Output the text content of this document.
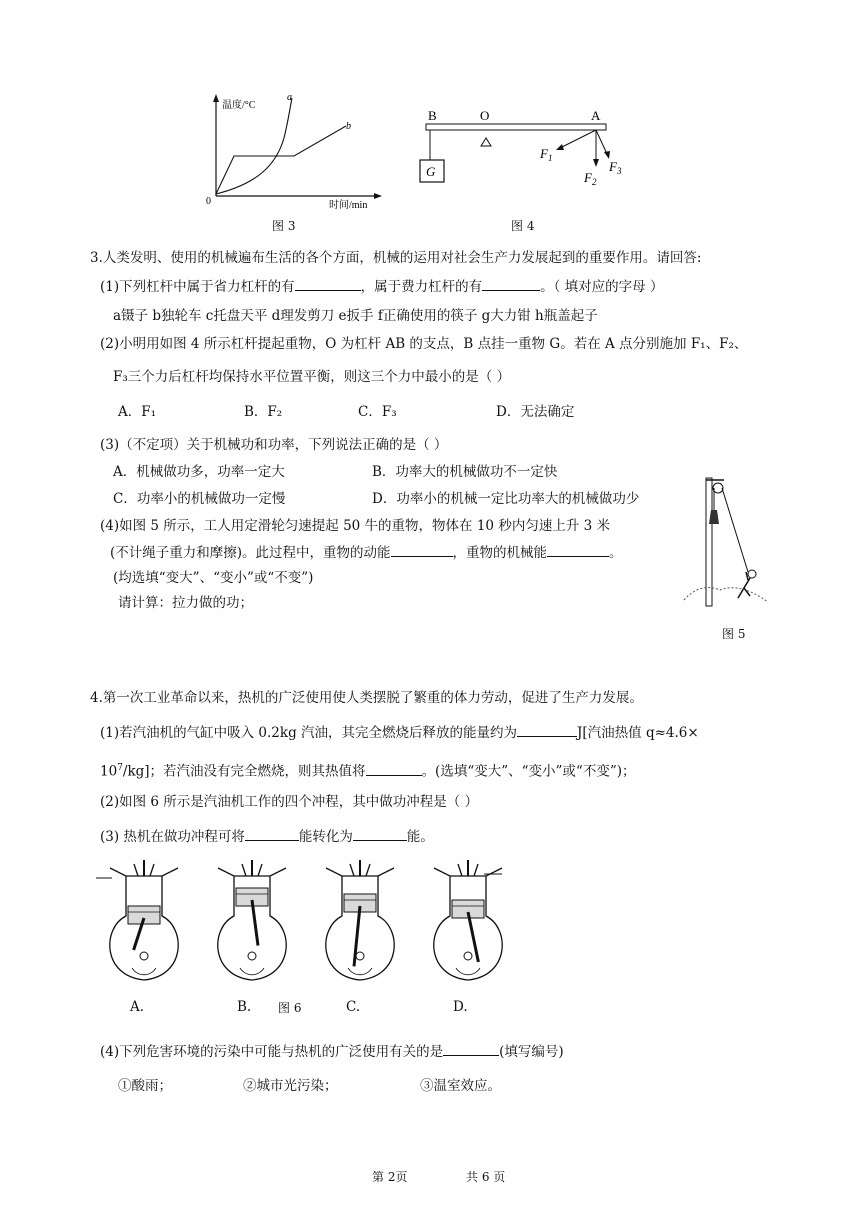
温度/°C
a
b
0	时间/min
图 3
B	O	A
G
$F_1$
$F_2$
$F_3$
图 4
3.人类发明、使用的机械遍布生活的各个方面，机械的运用对社会生产力发展起到的重要作用。请回答:
(1)下列杠杆中属于省力杠杆的有	，属于费力杠杆的有	。（ 填对应的字母 ）
a镊子 b独轮车 c托盘天平 d理发剪刀 e扳手 f正确使用的筷子 g大力钳 h瓶盖起子
(2)小明用如图 4 所示杠杆提起重物，O 为杠杆 AB 的支点，B 点挂一重物 G。若在 A 点分别施加 F₁、F₂、
F₃三个力后杠杆均保持水平位置平衡，则这三个力中最小的是（ ）
A．F₁	B．F₂	C．F₃	D．无法确定
(3)（不定项）关于机械功和功率，下列说法正确的是（ ）
A．机械做功多，功率一定大	B．功率大的机械做功不一定快
C．功率小的机械做功一定慢	D．功率小的机械一定比功率大的机械做功少
(4)如图 5 所示，工人用定滑轮匀速提起 50 牛的重物，物体在 10 秒内匀速上升 3 米
(不计绳子重力和摩擦)。此过程中，重物的动能	，重物的机械能	。
(均选填“变大”、“变小”或“不变”)
请计算：拉力做的功；
图 5
4.第一次工业革命以来，热机的广泛使用使人类摆脱了繁重的体力劳动，促进了生产力发展。
(1)若汽油机的气缸中吸入 0.2kg 汽油，其完全燃烧后释放的能量约为	J[汽油热值 q≈4.6×
$10^7/kg$]；若汽油没有完全燃烧，则其热值将	。(选填“变大”、“变小”或“不变”)；
(2)如图 6 所示是汽油机工作的四个冲程，其中做功冲程是（ ）
(3) 热机在做功冲程可将	能转化为	能。
A.	B. 图 6	C.	D.
(4)下列危害环境的污染中可能与热机的广泛使用有关的是	(填写编号)
①酸雨；	②城市光污染；	③温室效应。
第 2页	共 6 页
